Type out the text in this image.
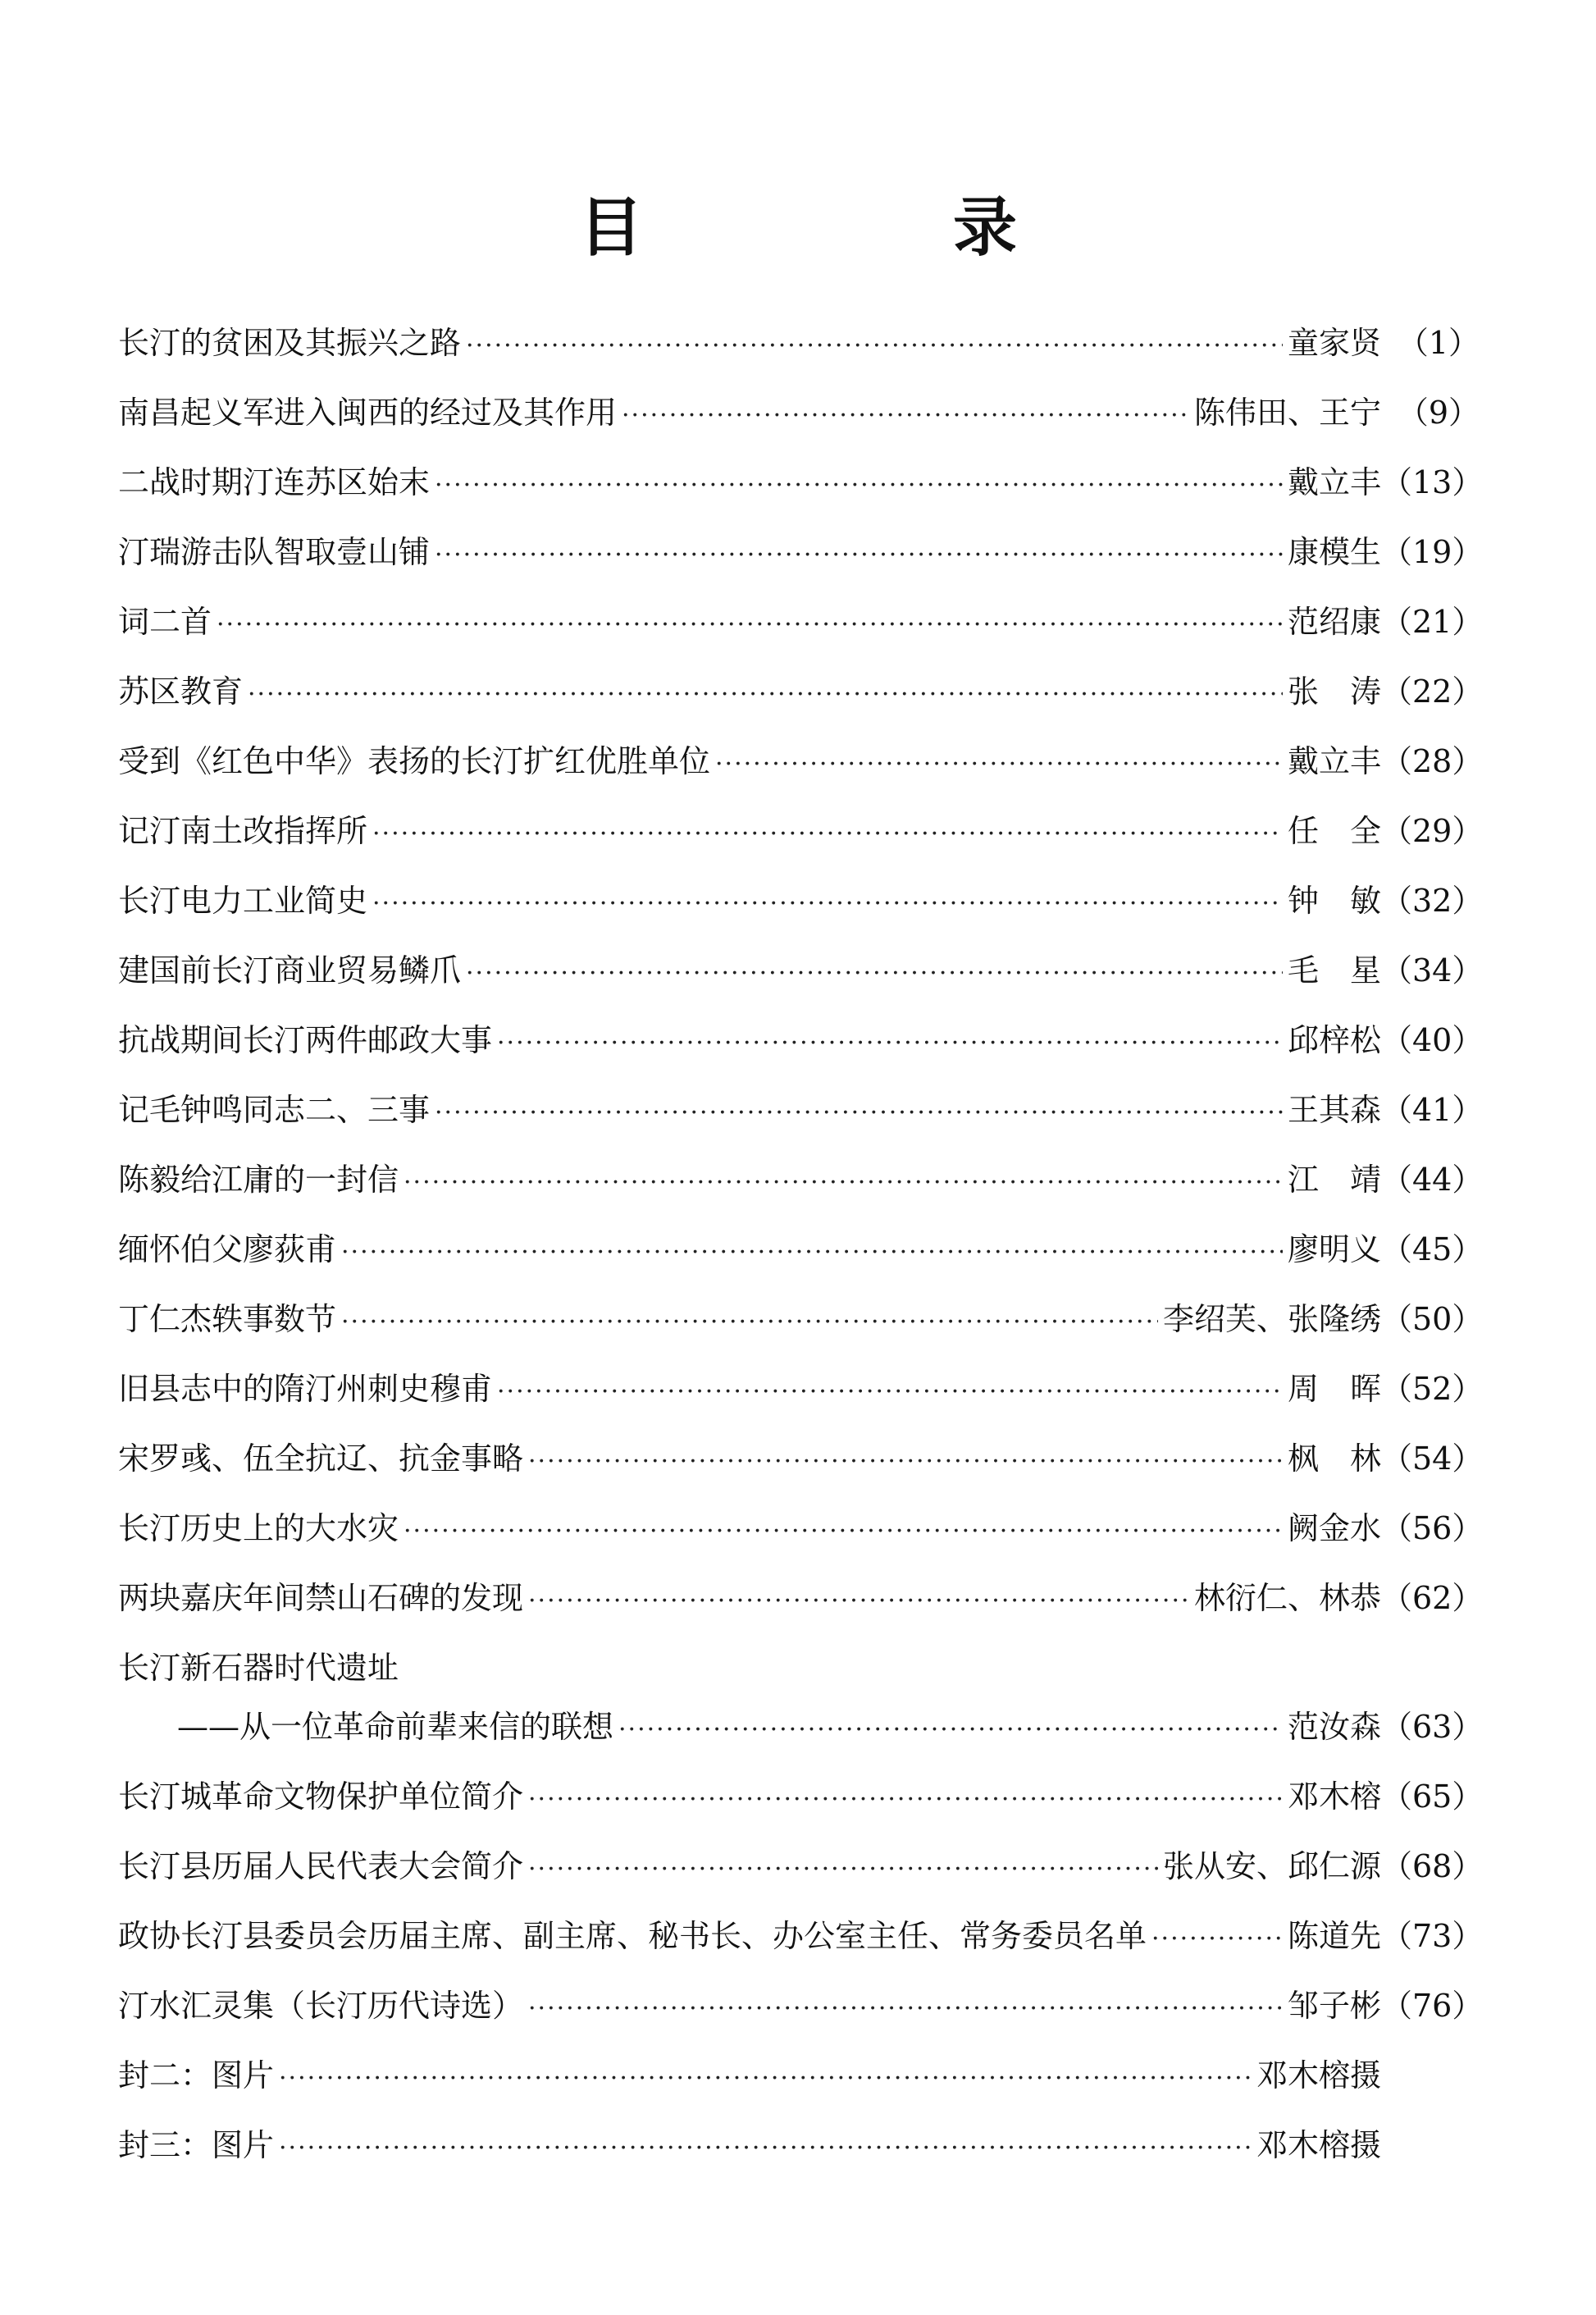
目　录
长汀的贫困及其振兴之路 ·····	童家贤 （1）
南昌起义军进入闽西的经过及其作用 ·····	陈伟田、王宁 （9）
二战时期汀连苏区始末 ·····	戴立丰 （13）
汀瑞游击队智取壹山铺 ·····	康模生 （19）
词二首 ·····	范绍康 （21）
苏区教育 ·····	张　涛 （22）
受到《红色中华》表扬的长汀扩红优胜单位 ·····	戴立丰 （28）
记汀南土改指挥所 ·····	任　全 （29）
长汀电力工业简史 ·····	钟　敏 （32）
建国前长汀商业贸易鳞爪 ·····	毛　星 （34）
抗战期间长汀两件邮政大事 ·····	邱梓松 （40）
记毛钟鸣同志二、三事 ·····	王其森 （41）
陈毅给江庸的一封信 ·····	江　靖 （44）
缅怀伯父廖荻甫 ·····	廖明义 （45）
丁仁杰轶事数节 ·····	李绍芙、张隆绣 （50）
旧县志中的隋汀州刺史穆甫 ·····	周　晖 （52）
宋罗彧、伍全抗辽、抗金事略 ·····	枫　林 （54）
长汀历史上的大水灾 ·····	阙金水 （56）
两块嘉庆年间禁山石碑的发现 ·····	林衍仁、林恭 （62）
长汀新石器时代遗址
——从一位革命前辈来信的联想 ·····	范汝森 （63）
长汀城革命文物保护单位简介 ·····	邓木榕 （65）
长汀县历届人民代表大会简介 ·····	张从安、邱仁源 （68）
政协长汀县委员会历届主席、副主席、秘书长、办公室主任、常务委员名单 ·····	陈道先 （73）
汀水汇灵集（长汀历代诗选） ·····	邹子彬 （76）
封二：图片 ·····	邓木榕摄
封三：图片 ·····	邓木榕摄
